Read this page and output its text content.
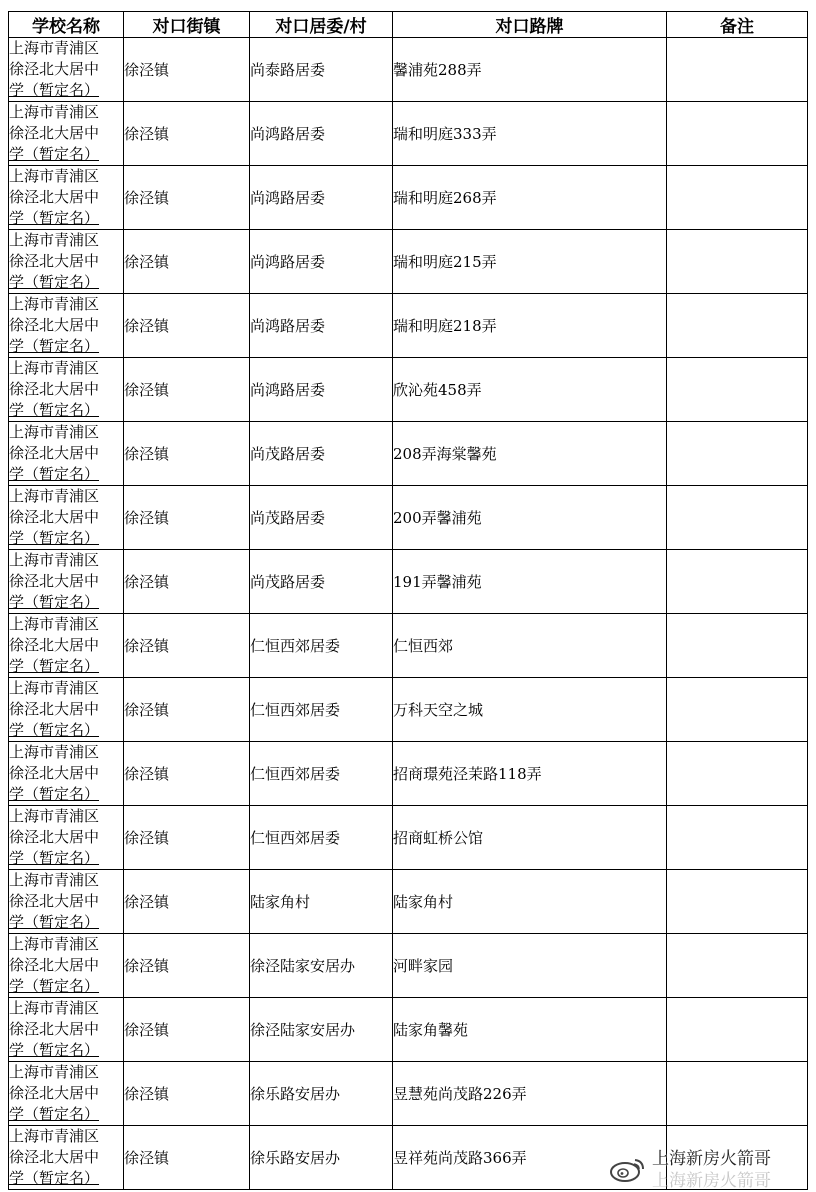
学校名称	对口街镇	对口居委/村	对口路牌	备注

上海市青浦区
徐泾北大居中
学（暂定名）	徐泾镇	尚泰路居委	馨浦苑288弄	

上海市青浦区
徐泾北大居中
学（暂定名）	徐泾镇	尚鸿路居委	瑞和明庭333弄	

上海市青浦区
徐泾北大居中
学（暂定名）	徐泾镇	尚鸿路居委	瑞和明庭268弄	

上海市青浦区
徐泾北大居中
学（暂定名）	徐泾镇	尚鸿路居委	瑞和明庭215弄	

上海市青浦区
徐泾北大居中
学（暂定名）	徐泾镇	尚鸿路居委	瑞和明庭218弄	

上海市青浦区
徐泾北大居中
学（暂定名）	徐泾镇	尚鸿路居委	欣沁苑458弄	

上海市青浦区
徐泾北大居中
学（暂定名）	徐泾镇	尚茂路居委	208弄海棠馨苑	

上海市青浦区
徐泾北大居中
学（暂定名）	徐泾镇	尚茂路居委	200弄馨浦苑	

上海市青浦区
徐泾北大居中
学（暂定名）	徐泾镇	尚茂路居委	191弄馨浦苑	

上海市青浦区
徐泾北大居中
学（暂定名）	徐泾镇	仁恒西郊居委	仁恒西郊	

上海市青浦区
徐泾北大居中
学（暂定名）	徐泾镇	仁恒西郊居委	万科天空之城	

上海市青浦区
徐泾北大居中
学（暂定名）	徐泾镇	仁恒西郊居委	招商璟苑泾茉路118弄	

上海市青浦区
徐泾北大居中
学（暂定名）	徐泾镇	仁恒西郊居委	招商虹桥公馆	

上海市青浦区
徐泾北大居中
学（暂定名）	徐泾镇	陆家角村	陆家角村	

上海市青浦区
徐泾北大居中
学（暂定名）	徐泾镇	徐泾陆家安居办	河畔家园	

上海市青浦区
徐泾北大居中
学（暂定名）	徐泾镇	徐泾陆家安居办	陆家角馨苑	

上海市青浦区
徐泾北大居中
学（暂定名）	徐泾镇	徐乐路安居办	昱慧苑尚茂路226弄	

上海市青浦区
徐泾北大居中
学（暂定名）	徐泾镇	徐乐路安居办	昱祥苑尚茂路366弄		上海新房火箭哥
上海新房火箭哥
